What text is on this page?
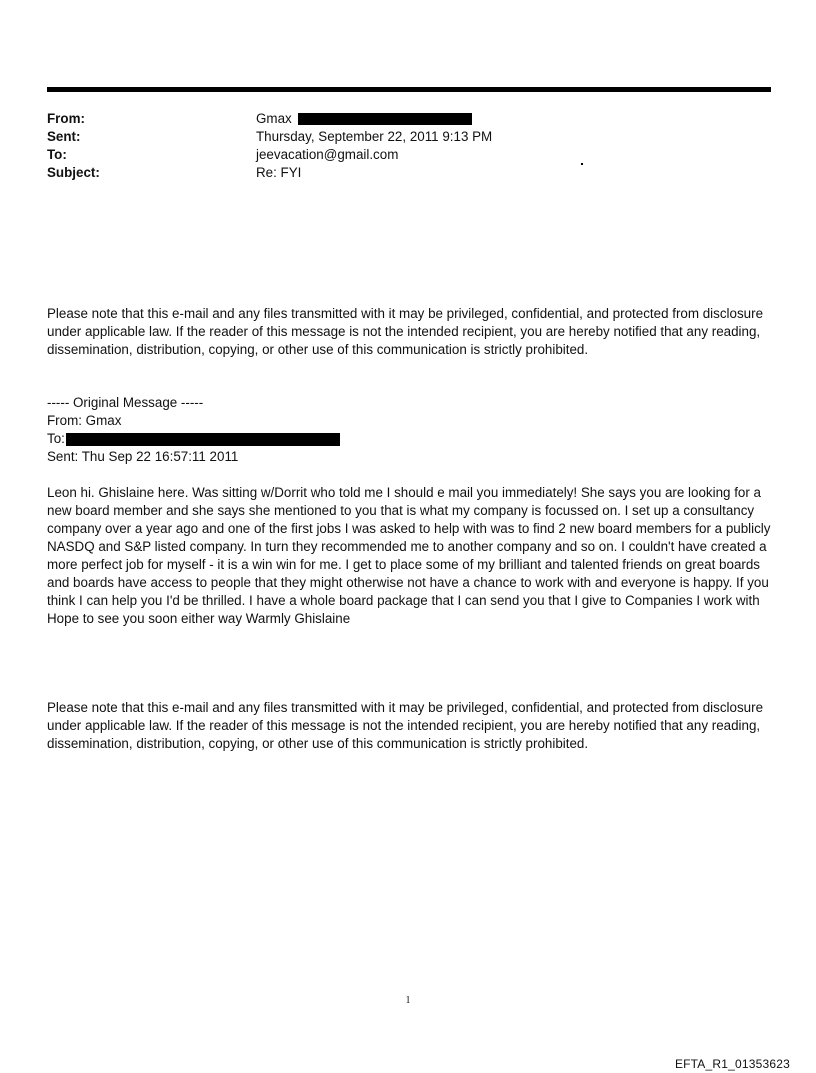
From:	Gmax
Sent:	Thursday, September 22, 2011 9:13 PM
To:	jeevacation@gmail.com
Subject:	Re: FYI
Please note that this e-mail and any files transmitted with it may be privileged, confidential, and protected from disclosure under applicable law. If the reader of this message is not the intended recipient, you are hereby notified that any reading, dissemination, distribution, copying, or other use of this communication is strictly prohibited.
----- Original Message -----
From: Gmax
To:
Sent: Thu Sep 22 16:57:11 2011
Leon hi. Ghislaine here. Was sitting w/Dorrit who told me I should e mail you immediately! She says you are looking for a new board member and she says she mentioned to you that is what my company is focussed on. I set up a consultancy company over a year ago and one of the first jobs I was asked to help with was to find 2 new board members for a publicly NASDQ and S&P listed company. In turn they recommended me to another company and so on. I couldn't have created a more perfect job for myself - it is a win win for me. I get to place some of my brilliant and talented friends on great boards and boards have access to people that they might otherwise not have a chance to work with and everyone is happy. If you think I can help you I'd be thrilled. I have a whole board package that I can send you that I give to Companies I work with Hope to see you soon either way Warmly Ghislaine
Please note that this e-mail and any files transmitted with it may be privileged, confidential, and protected from disclosure under applicable law. If the reader of this message is not the intended recipient, you are hereby notified that any reading, dissemination, distribution, copying, or other use of this communication is strictly prohibited.
1
EFTA_R1_01353623
